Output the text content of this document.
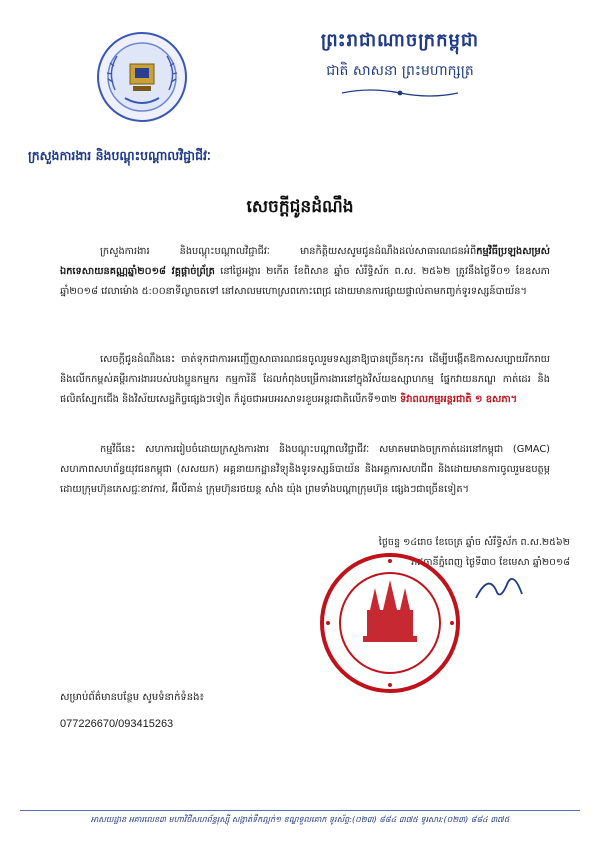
ព្រះរាជាណាចក្រកម្ពុជា
ជាតិ សាសនា ព្រះមហាក្សត្រ
ក្រសួងការងារ និងបណ្តុះបណ្តាលវិជ្ជាជីវៈ
សេចក្តីជូនដំណឹង
ក្រសួងការងារ និងបណ្តុះបណ្តាលវិជ្ជាជីវៈ មានកិត្តិយសសូមជូនដំណឹងដល់សាធារណជនអំពីកម្មវិធីប្រឡងសម្រស់ឯកទេសាយនគណ្ណឆ្នាំ២០១៨ វគ្គផ្តាច់ព្រ័ត្រ នៅថ្ងៃអង្គារ ២កើត ខែពិសាខ ឆ្នាំច សំរឹទ្ធិស័ក ព.ស. ២៥៦២ ត្រូវនឹងថ្ងៃទី០១ ខែឧសភា ឆ្នាំ២០១៨ វេលាម៉ោង ៥:០០នាទីល្ងាចតទៅ នៅសាលមហោស្រពកោះពេជ្រ ដោយមានការផ្សាយផ្ទាល់តាមកញ្ចក់ទូរទស្សន៍បាយ័ន។
សេចក្តីជូនដំណឹងនេះ ចាត់ទុកជាការអញ្ជើញសាធារណជនចូលរួមទស្សនាឱ្យបានច្រើនកុះករ ដើម្បីបង្កើតឱកាសសប្បាយរីករាយ និងលើកកម្ពស់គម្ពីរការងាររបស់បងប្អូនកម្មករ កម្មការិនី ដែលកំពុងបម្រើការងារនៅក្នុងវិស័យឧស្សាហកម្ម ផ្នែកវាយនភណ្ឌ កាត់ដេរ និងផលិតស្បែកជើង និងវិស័យសេដ្ឋកិច្ចផ្សេងៗទៀត ក៏ដូចជាអបអរសាទរខួបអន្តរជាតិលើកទី១៣២ ទិវាពលកម្មអន្តរជាតិ ១ ឧសភា។
កម្មវិធីនេះ សហការរៀបចំដោយក្រសួងការងារ និងបណ្តុះបណ្តាលវិជ្ជាជីវៈ សមាគមរោងចក្រកាត់ដេរនៅកម្ពុជា (GMAC) សហភាពសហព័ន្ធយុវជនកម្ពុជា (សសយក) អគ្គនាយកដ្ឋានវិទ្យុនិងទូរទស្សន៍បាយ័ន និងអគ្គការសហជីព និងដោយមានការចូលរួមឧបត្ថម្ភ ដោយក្រុមហ៊ុនភេសជ្ជៈខាវកាវ, អ៊ីលីគាន់ ក្រុមហ៊ុនរថយន្ត សាំង យ៉ុង ព្រមទាំងបណ្តាក្រុមហ៊ុន ផ្សេងៗជាច្រើនទៀត។
ថ្ងៃចន្ទ ១៤រោច ខែចេត្រ ឆ្នាំច សំរឹទ្ធិស័ក ព.ស.២៥៦២
រាជធានីភ្នំពេញ ថ្ងៃទី៣០ ខែមេសា ឆ្នាំ២០១៨
សម្រាប់ព័ត៌មានបន្ថែម សូមទំនាក់ទំនង៖
077226670/093415263
អាសយដ្ឋាន អគារលេខ៣ មហាវិថីសហព័ន្ធរុស្ស៊ី សង្កាត់ទឹកល្អក់១ ខណ្ឌទួលគោក ទូរស័ព្ទ:(០២៣) ៨៨៤ ៣៧៥ ទូរសារ:(០២៣) ៨៨៤ ៣៧៥
